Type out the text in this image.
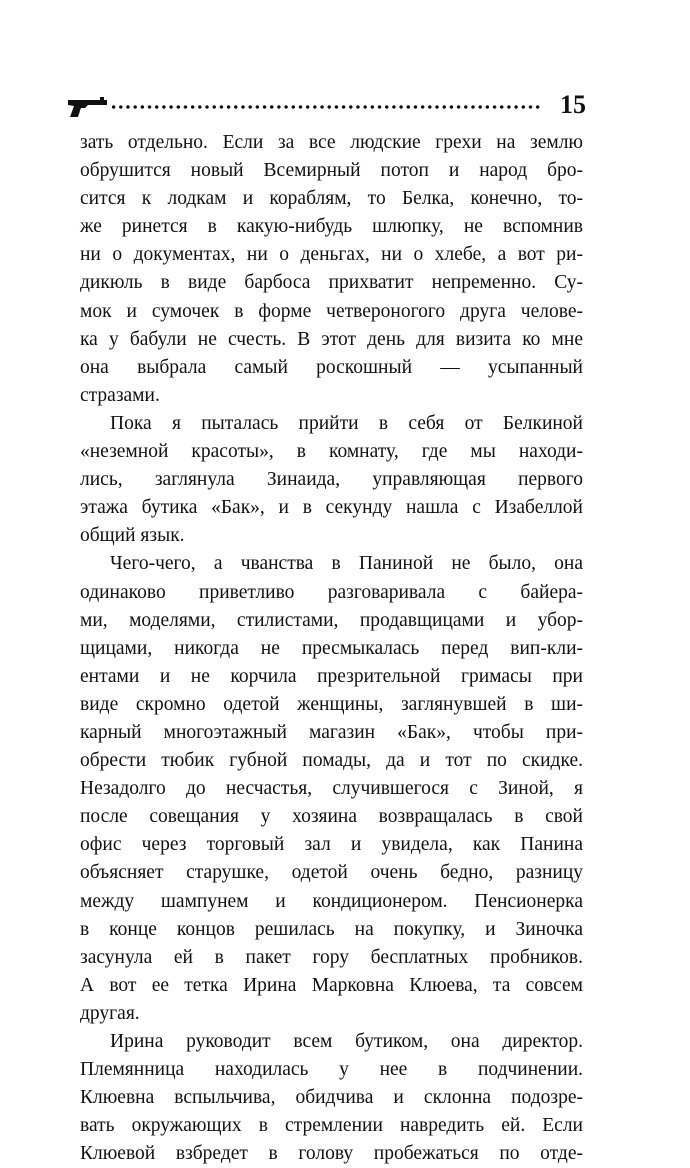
15

зать отдельно. Если за все людские грехи на землю
обрушится новый Всемирный потоп и народ бро-
сится к лодкам и кораблям, то Белка, конечно, то-
же ринется в какую-нибудь шлюпку, не вспомнив
ни о документах, ни о деньгах, ни о хлебе, а вот ри-
дикюль в виде барбоса прихватит непременно. Су-
мок и сумочек в форме четвероногого друга челове-
ка у бабули не счесть. В этот день для визита ко мне
она выбрала самый роскошный — усыпанный
стразами.

Пока я пыталась прийти в себя от Белкиной
«неземной красоты», в комнату, где мы находи-
лись, заглянула Зинаида, управляющая первого
этажа бутика «Бак», и в секунду нашла с Изабеллой
общий язык.

Чего-чего, а чванства в Паниной не было, она
одинаково приветливо разговаривала с байера-
ми, моделями, стилистами, продавщицами и убор-
щицами, никогда не пресмыкалась перед вип-кли-
ентами и не корчила презрительной гримасы при
виде скромно одетой женщины, заглянувшей в ши-
карный многоэтажный магазин «Бак», чтобы при-
обрести тюбик губной помады, да и тот по скидке.
Незадолго до несчастья, случившегося с Зиной, я
после совещания у хозяина возвращалась в свой
офис через торговый зал и увидела, как Панина
объясняет старушке, одетой очень бедно, разницу
между шампунем и кондиционером. Пенсионерка
в конце концов решилась на покупку, и Зиночка
засунула ей в пакет гору бесплатных пробников.
А вот ее тетка Ирина Марковна Клюева, та совсем
другая.

Ирина руководит всем бутиком, она директор.
Племянница находилась у нее в подчинении.
Клюевна вспыльчива, обидчива и склонна подозре-
вать окружающих в стремлении навредить ей. Если
Клюевой взбредет в голову пробежаться по отде-
